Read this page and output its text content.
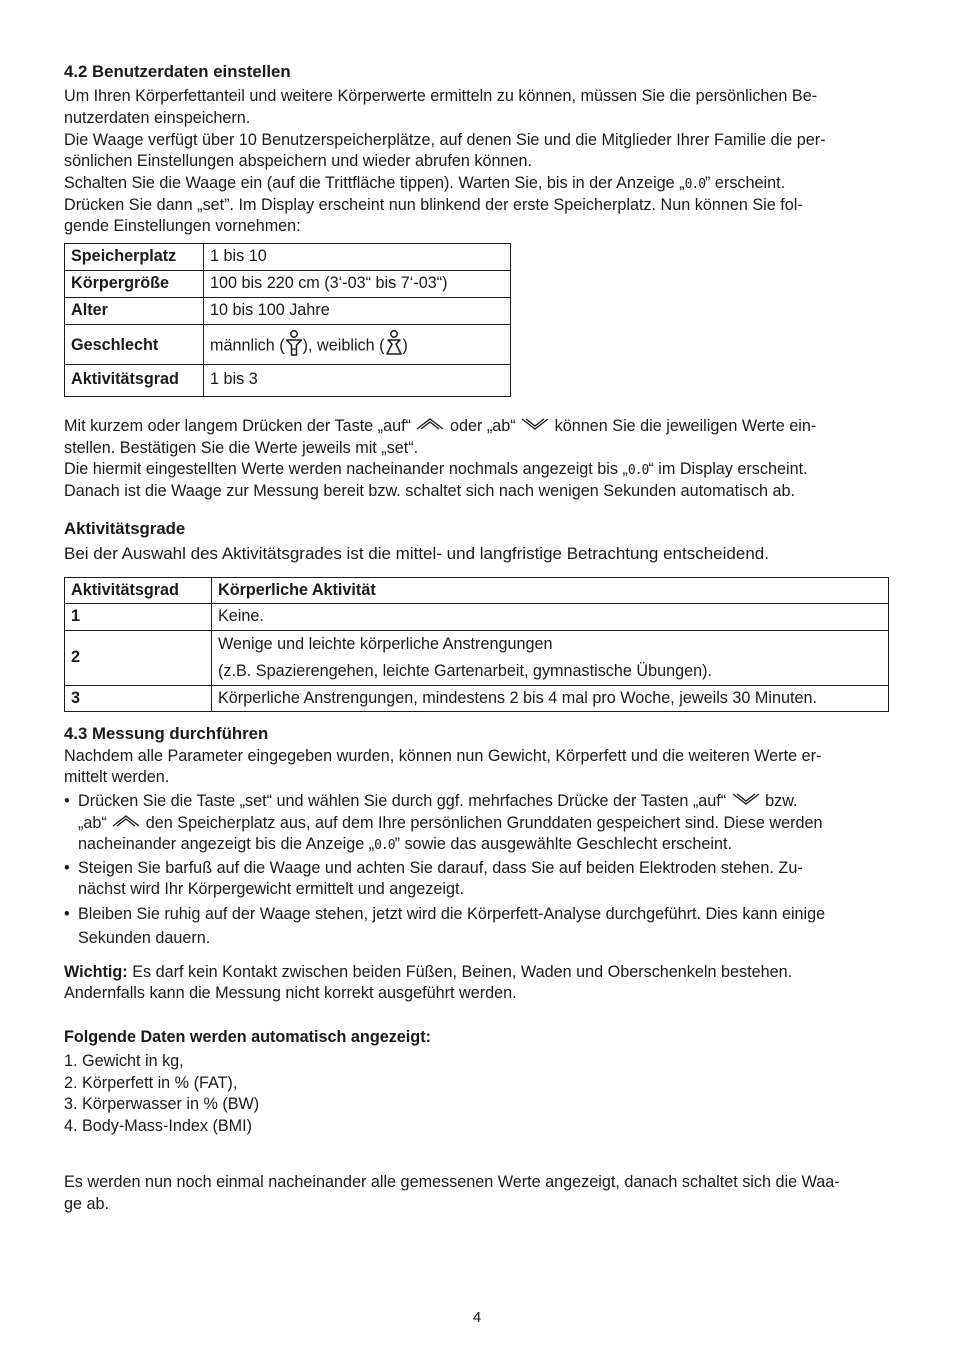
4.2 Benutzerdaten einstellen
Um Ihren Körperfettanteil und weitere Körperwerte ermitteln zu können, müssen Sie die persönlichen Be-
nutzerdaten einspeichern.
Die Waage verfügt über 10 Benutzerspeicherplätze, auf denen Sie und die Mitglieder Ihrer Familie die per-
sönlichen Einstellungen abspeichern und wieder abrufen können.
Schalten Sie die Waage ein (auf die Trittfläche tippen). Warten Sie, bis in der Anzeige „0.0” erscheint.
Drücken Sie dann „set”. Im Display erscheint nun blinkend der erste Speicherplatz. Nun können Sie fol-
gende Einstellungen vornehmen:
Speicherplatz	1 bis 10
Körpergröße	100 bis 220 cm (3‘-03“ bis 7‘-03“)
Alter	10 bis 100 Jahre
Geschlecht	männlich ( ), weiblich ( )
Aktivitätsgrad	1 bis 3
Mit kurzem oder langem Drücken der Taste „auf“ oder „ab“ können Sie die jeweiligen Werte ein-
stellen. Bestätigen Sie die Werte jeweils mit „set“.
Die hiermit eingestellten Werte werden nacheinander nochmals angezeigt bis „0.0“ im Display erscheint.
Danach ist die Waage zur Messung bereit bzw. schaltet sich nach wenigen Sekunden automatisch ab.
Aktivitätsgrade
Bei der Auswahl des Aktivitätsgrades ist die mittel- und langfristige Betrachtung entscheidend.
Aktivitätsgrad	Körperliche Aktivität
1	Keine.
2	Wenige und leichte körperliche Anstrengungen
(z.B. Spazierengehen, leichte Gartenarbeit, gymnastische Übungen).

3	Körperliche Anstrengungen, mindestens 2 bis 4 mal pro Woche, jeweils 30 Minuten.
4.3 Messung durchführen
Nachdem alle Parameter eingegeben wurden, können nun Gewicht, Körperfett und die weiteren Werte er-
mittelt werden.
• Drücken Sie die Taste „set“ und wählen Sie durch ggf. mehrfaches Drücke der Tasten „auf“ bzw.
„ab“ den Speicherplatz aus, auf dem Ihre persönlichen Grunddaten gespeichert sind. Diese werden
nacheinander angezeigt bis die Anzeige „0.0” sowie das ausgewählte Geschlecht erscheint.
• Steigen Sie barfuß auf die Waage und achten Sie darauf, dass Sie auf beiden Elektroden stehen. Zu-
nächst wird Ihr Körpergewicht ermittelt und angezeigt.
• Bleiben Sie ruhig auf der Waage stehen, jetzt wird die Körperfett-Analyse durchgeführt. Dies kann einige
Sekunden dauern.
Wichtig: Es darf kein Kontakt zwischen beiden Füßen, Beinen, Waden und Oberschenkeln bestehen.
Andernfalls kann die Messung nicht korrekt ausgeführt werden.
Folgende Daten werden automatisch angezeigt:
1. Gewicht in kg,
2. Körperfett in % (FAT),
3. Körperwasser in % (BW)
4. Body-Mass-Index (BMI)
Es werden nun noch einmal nacheinander alle gemessenen Werte angezeigt, danach schaltet sich die Waa-
ge ab.
4
